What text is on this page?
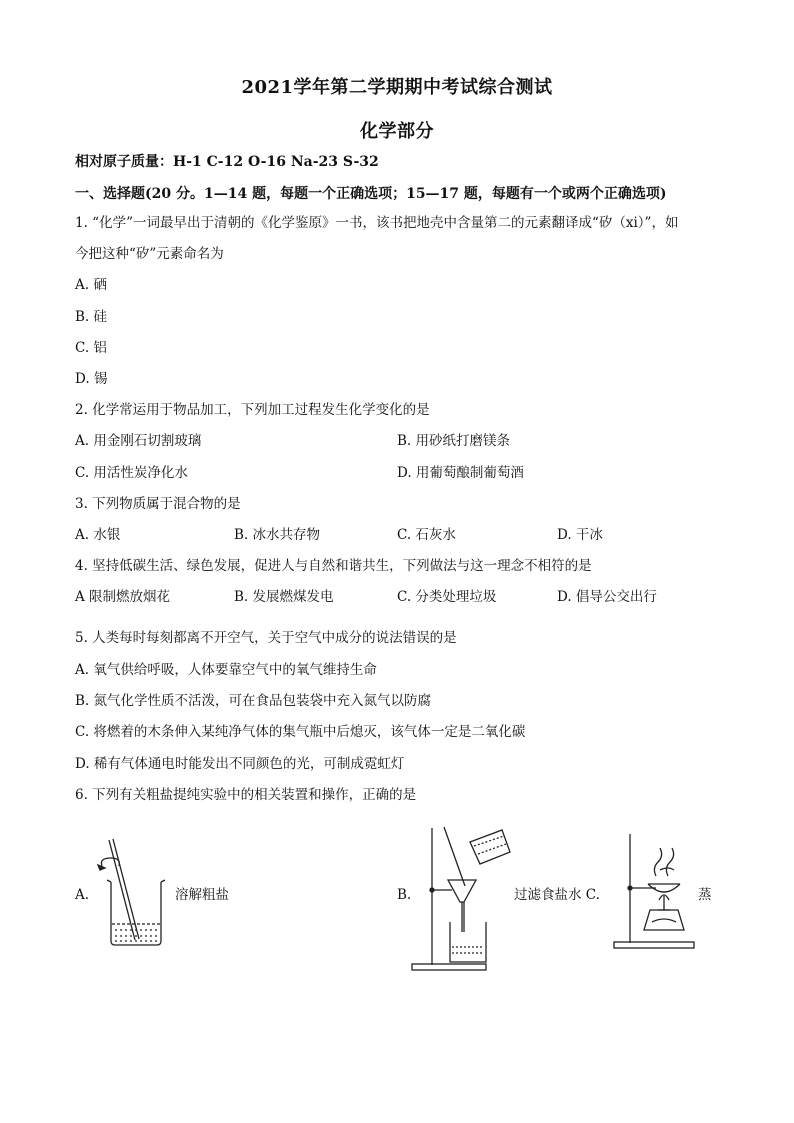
2021学年第二学期期中考试综合测试
化学部分
相对原子质量：H-1 C-12 O-16 Na-23 S-32
一、选择题(20 分。1—14 题，每题一个正确选项；15—17 题，每题有一个或两个正确选项)
1. “化学”一词最早出于清朝的《化学鉴原》一书，该书把地壳中含量第二的元素翻译成“矽（xi）”，如
今把这种“矽”元素命名为
A. 硒
B. 硅
C. 铝
D. 锡
2. 化学常运用于物品加工，下列加工过程发生化学变化的是
A. 用金刚石切割玻璃	B. 用砂纸打磨镁条
C. 用活性炭净化水	D. 用葡萄酿制葡萄酒
3. 下列物质属于混合物的是
A. 水银	B. 冰水共存物	C. 石灰水	D. 干冰
4. 坚持低碳生活、绿色发展，促进人与自然和谐共生，下列做法与这一理念不相符的是
A 限制燃放烟花	B. 发展燃煤发电	C. 分类处理垃圾	D. 倡导公交出行
5. 人类每时每刻都离不开空气，关于空气中成分的说法错误的是
A. 氧气供给呼吸，人体要靠空气中的氧气维持生命
B. 氮气化学性质不活泼，可在食品包装袋中充入氮气以防腐
C. 将燃着的木条伸入某纯净气体的集气瓶中后熄灭，该气体一定是二氧化碳
D. 稀有气体通电时能发出不同颜色的光，可制成霓虹灯
6. 下列有关粗盐提纯实验中的相关装置和操作，正确的是
A.	溶解粗盐	B.	过滤食盐水 C.	蒸
